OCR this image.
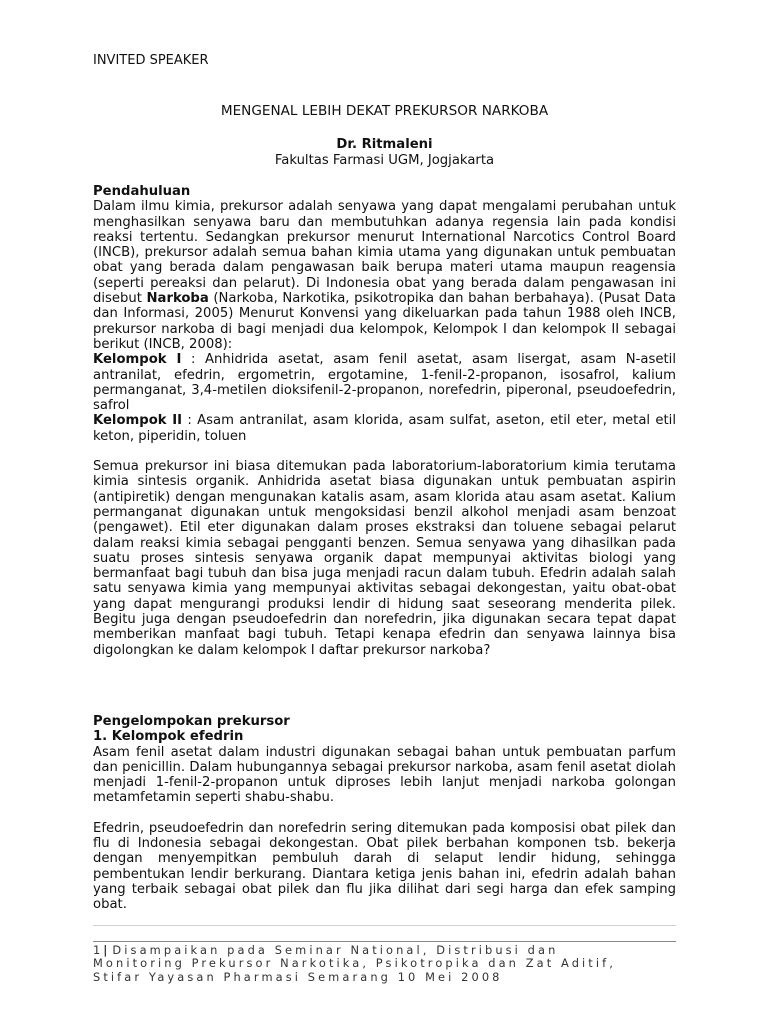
INVITED SPEAKER
MENGENAL LEBIH DEKAT PREKURSOR NARKOBA
Dr. Ritmaleni
Fakultas Farmasi UGM, Jogjakarta
Pendahuluan

Dalam ilmu kimia, prekursor adalah senyawa yang dapat mengalami perubahan untuk menghasilkan senyawa baru dan membutuhkan adanya regensia lain pada kondisi reaksi tertentu. Sedangkan prekursor menurut International Narcotics Control Board (INCB), prekursor adalah semua bahan kimia utama yang digunakan untuk pembuatan obat yang berada dalam pengawasan baik berupa materi utama maupun reagensia (seperti pereaksi dan pelarut). Di Indonesia obat yang berada dalam pengawasan ini disebut Narkoba (Narkoba, Narkotika, psikotropika dan bahan berbahaya). (Pusat Data dan Informasi, 2005) Menurut Konvensi yang dikeluarkan pada tahun 1988 oleh INCB, prekursor narkoba di bagi menjadi dua kelompok, Kelompok I dan kelompok II sebagai berikut (INCB, 2008):

Kelompok I : Anhidrida asetat, asam fenil asetat, asam lisergat, asam N-asetil antranilat, efedrin, ergometrin, ergotamine, 1-fenil-2-propanon, isosafrol, kalium permanganat, 3,4-metilen dioksifenil-2-propanon, norefedrin, piperonal, pseudoefedrin, safrol

Kelompok II : Asam antranilat, asam klorida, asam sulfat, aseton, etil eter, metal etil keton, piperidin, toluen

Semua prekursor ini biasa ditemukan pada laboratorium-laboratorium kimia terutama kimia sintesis organik. Anhidrida asetat biasa digunakan untuk pembuatan aspirin (antipiretik) dengan mengunakan katalis asam, asam klorida atau asam asetat. Kalium permanganat digunakan untuk mengoksidasi benzil alkohol menjadi asam benzoat (pengawet). Etil eter digunakan dalam proses ekstraksi dan toluene sebagai pelarut dalam reaksi kimia sebagai pengganti benzen. Semua senyawa yang dihasilkan pada suatu proses sintesis senyawa organik dapat mempunyai aktivitas biologi yang bermanfaat bagi tubuh dan bisa juga menjadi racun dalam tubuh. Efedrin adalah salah satu senyawa kimia yang mempunyai aktivitas sebagai dekongestan, yaitu obat-obat yang dapat mengurangi produksi lendir di hidung saat seseorang menderita pilek. Begitu juga dengan pseudoefedrin dan norefedrin, jika digunakan secara tepat dapat memberikan manfaat bagi tubuh. Tetapi kenapa efedrin dan senyawa lainnya bisa digolongkan ke dalam kelompok I daftar prekursor narkoba?

Pengelompokan prekursor
1. Kelompok efedrin

Asam fenil asetat dalam industri digunakan sebagai bahan untuk pembuatan parfum dan penicillin. Dalam hubungannya sebagai prekursor narkoba, asam fenil asetat diolah menjadi 1-fenil-2-propanon untuk diproses lebih lanjut menjadi narkoba golongan metamfetamin seperti shabu-shabu.

Efedrin, pseudoefedrin dan norefedrin sering ditemukan pada komposisi obat pilek dan flu di Indonesia sebagai dekongestan. Obat pilek berbahan komponen tsb. bekerja dengan menyempitkan pembuluh darah di selaput lendir hidung, sehingga pembentukan lendir berkurang. Diantara ketiga jenis bahan ini, efedrin adalah bahan yang terbaik sebagai obat pilek dan flu jika dilihat dari segi harga dan efek samping obat.

1 | Disampaikan pada Seminar National, Distribusi dan
Monitoring Prekursor Narkotika, Psikotropika dan Zat Aditif,
Stifar Yayasan Pharmasi Semarang 10 Mei 2008
